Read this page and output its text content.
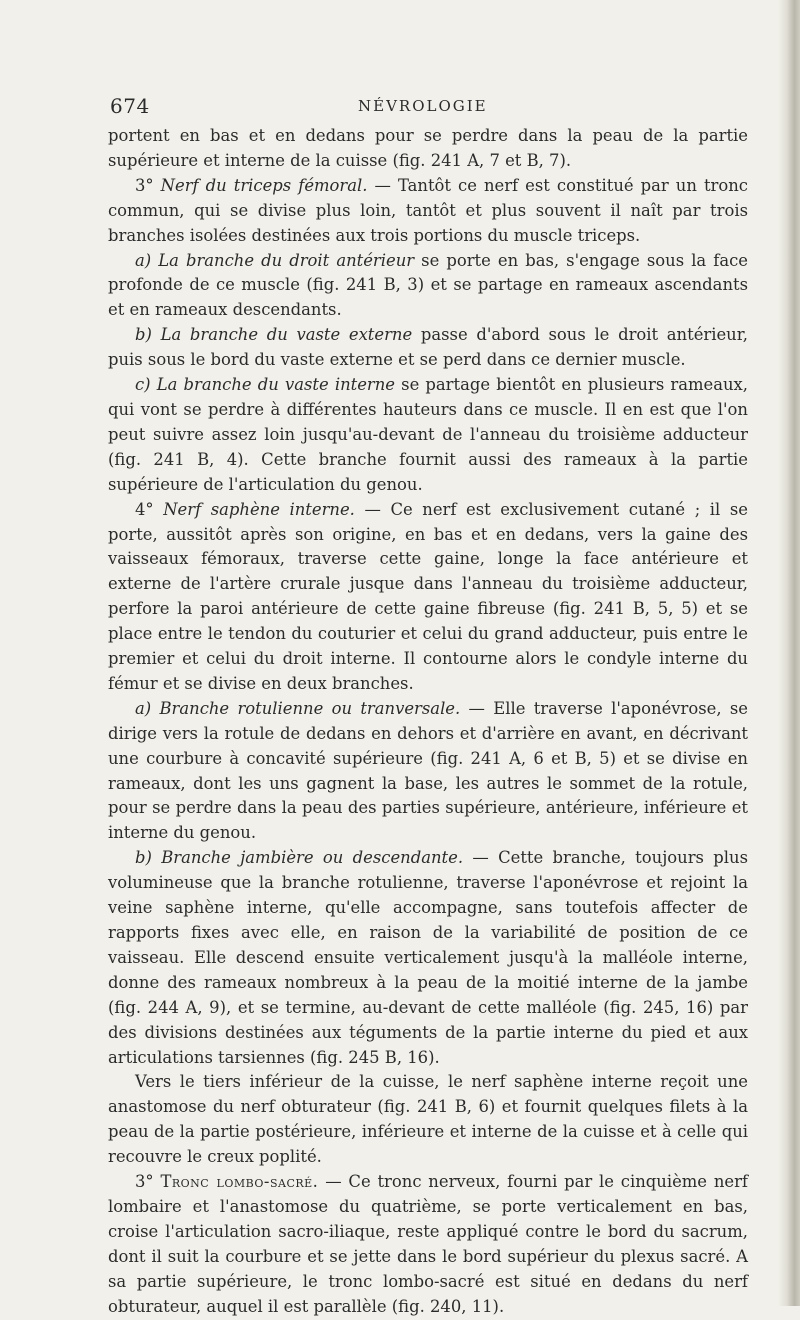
674	NÉVROLOGIE

portent en bas et en dedans pour se perdre dans la peau de la partie supérieure et interne de la cuisse (fig. 241 A, 7 et B, 7).

3° Nerf du triceps fémoral. — Tantôt ce nerf est constitué par un tronc commun, qui se divise plus loin, tantôt et plus souvent il naît par trois branches isolées destinées aux trois portions du muscle triceps.

a) La branche du droit antérieur se porte en bas, s'engage sous la face profonde de ce muscle (fig. 241 B, 3) et se partage en rameaux ascendants et en rameaux descendants.

b) La branche du vaste externe passe d'abord sous le droit antérieur, puis sous le bord du vaste externe et se perd dans ce dernier muscle.

c) La branche du vaste interne se partage bientôt en plusieurs rameaux, qui vont se perdre à différentes hauteurs dans ce muscle. Il en est que l'on peut suivre assez loin jusqu'au-devant de l'anneau du troisième adducteur (fig. 241 B, 4). Cette branche fournit aussi des rameaux à la partie supérieure de l'articulation du genou.

4° Nerf saphène interne. — Ce nerf est exclusivement cutané ; il se porte, aussitôt après son origine, en bas et en dedans, vers la gaine des vaisseaux fémoraux, traverse cette gaine, longe la face antérieure et externe de l'artère crurale jusque dans l'anneau du troisième adducteur, perfore la paroi antérieure de cette gaine fibreuse (fig. 241 B, 5, 5) et se place entre le tendon du couturier et celui du grand adducteur, puis entre le premier et celui du droit interne. Il contourne alors le condyle interne du fémur et se divise en deux branches.

a) Branche rotulienne ou tranversale. — Elle traverse l'aponévrose, se dirige vers la rotule de dedans en dehors et d'arrière en avant, en décrivant une courbure à concavité supérieure (fig. 241 A, 6 et B, 5) et se divise en rameaux, dont les uns gagnent la base, les autres le sommet de la rotule, pour se perdre dans la peau des parties supérieure, antérieure, inférieure et interne du genou.

b) Branche jambière ou descendante. — Cette branche, toujours plus volumineuse que la branche rotulienne, traverse l'aponévrose et rejoint la veine saphène interne, qu'elle accompagne, sans toutefois affecter de rapports fixes avec elle, en raison de la variabilité de position de ce vaisseau. Elle descend ensuite verticalement jusqu'à la malléole interne, donne des rameaux nombreux à la peau de la moitié interne de la jambe (fig. 244 A, 9), et se termine, au-devant de cette malléole (fig. 245, 16) par des divisions destinées aux téguments de la partie interne du pied et aux articulations tarsiennes (fig. 245 B, 16).

Vers le tiers inférieur de la cuisse, le nerf saphène interne reçoit une anastomose du nerf obturateur (fig. 241 B, 6) et fournit quelques filets à la peau de la partie postérieure, inférieure et interne de la cuisse et à celle qui recouvre le creux poplité.

3° Tronc lombo-sacré. — Ce tronc nerveux, fourni par le cinquième nerf lombaire et l'anastomose du quatrième, se porte verticalement en bas, croise l'articulation sacro-iliaque, reste appliqué contre le bord du sacrum, dont il suit la courbure et se jette dans le bord supérieur du plexus sacré. A sa partie supérieure, le tronc lombo-sacré est situé en dedans du nerf obturateur, auquel il est parallèle (fig. 240, 11).
